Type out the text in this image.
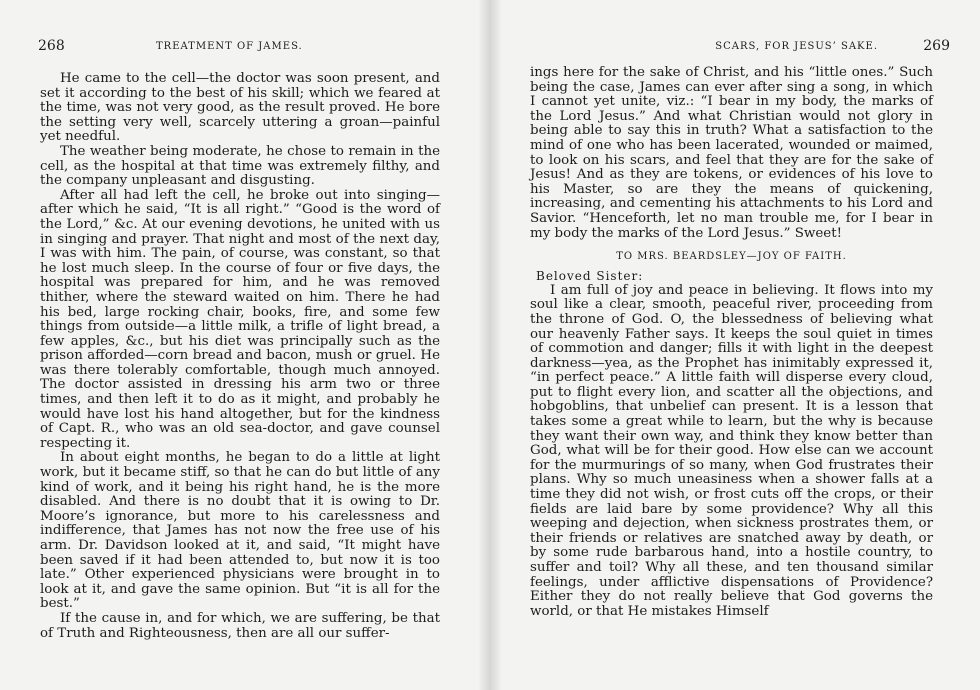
268	TREATMENT OF JAMES.

He came to the cell—the doctor was soon present, and set it according to the best of his skill; which we feared at the time, was not very good, as the result proved. He bore the setting very well, scarcely uttering a groan—painful yet needful.

The weather being moderate, he chose to remain in the cell, as the hospital at that time was extremely filthy, and the company unpleasant and disgusting.

After all had left the cell, he broke out into singing—after which he said, “It is all right.” “Good is the word of the Lord,” &c. At our evening devotions, he united with us in singing and prayer. That night and most of the next day, I was with him. The pain, of course, was constant, so that he lost much sleep. In the course of four or five days, the hospital was prepared for him, and he was removed thither, where the steward waited on him. There he had his bed, large rocking chair, books, fire, and some few things from outside—a little milk, a trifle of light bread, a few apples, &c., but his diet was principally such as the prison afforded—corn bread and bacon, mush or gruel. He was there tolerably comfortable, though much annoyed. The doctor assisted in dressing his arm two or three times, and then left it to do as it might, and probably he would have lost his hand altogether, but for the kindness of Capt. R., who was an old sea-doctor, and gave counsel respecting it.

In about eight months, he began to do a little at light work, but it became stiff, so that he can do but little of any kind of work, and it being his right hand, he is the more disabled. And there is no doubt that it is owing to Dr. Moore’s ignorance, but more to his carelessness and indifference, that James has not now the free use of his arm. Dr. Davidson looked at it, and said, “It might have been saved if it had been attended to, but now it is too late.” Other experienced physicians were brought in to look at it, and gave the same opinion. But “it is all for the best.”

If the cause in, and for which, we are suffering, be that of Truth and Righteousness, then are all our suffer-

SCARS, FOR JESUS’ SAKE.	269

ings here for the sake of Christ, and his “little ones.” Such being the case, James can ever after sing a song, in which I cannot yet unite, viz.: “I bear in my body, the marks of the Lord Jesus.” And what Christian would not glory in being able to say this in truth? What a satisfaction to the mind of one who has been lacerated, wounded or maimed, to look on his scars, and feel that they are for the sake of Jesus! And as they are tokens, or evidences of his love to his Master, so are they the means of quickening, increasing, and cementing his attachments to his Lord and Savior. “Henceforth, let no man trouble me, for I bear in my body the marks of the Lord Jesus.” Sweet!

TO MRS. BEARDSLEY—JOY OF FAITH.
Beloved Sister:

I am full of joy and peace in believing. It flows into my soul like a clear, smooth, peaceful river, proceeding from the throne of God. O, the blessedness of believing what our heavenly Father says. It keeps the soul quiet in times of commotion and danger; fills it with light in the deepest darkness—yea, as the Prophet has inimitably expressed it, “in perfect peace.” A little faith will disperse every cloud, put to flight every lion, and scatter all the objections, and hobgoblins, that unbelief can present. It is a lesson that takes some a great while to learn, but the why is because they want their own way, and think they know better than God, what will be for their good. How else can we account for the murmurings of so many, when God frustrates their plans. Why so much uneasiness when a shower falls at a time they did not wish, or frost cuts off the crops, or their fields are laid bare by some providence? Why all this weeping and dejection, when sickness prostrates them, or their friends or relatives are snatched away by death, or by some rude barbarous hand, into a hostile country, to suffer and toil? Why all these, and ten thousand similar feelings, under afflictive dispensations of Providence? Either they do not really believe that God governs the world, or that He mistakes Himself
